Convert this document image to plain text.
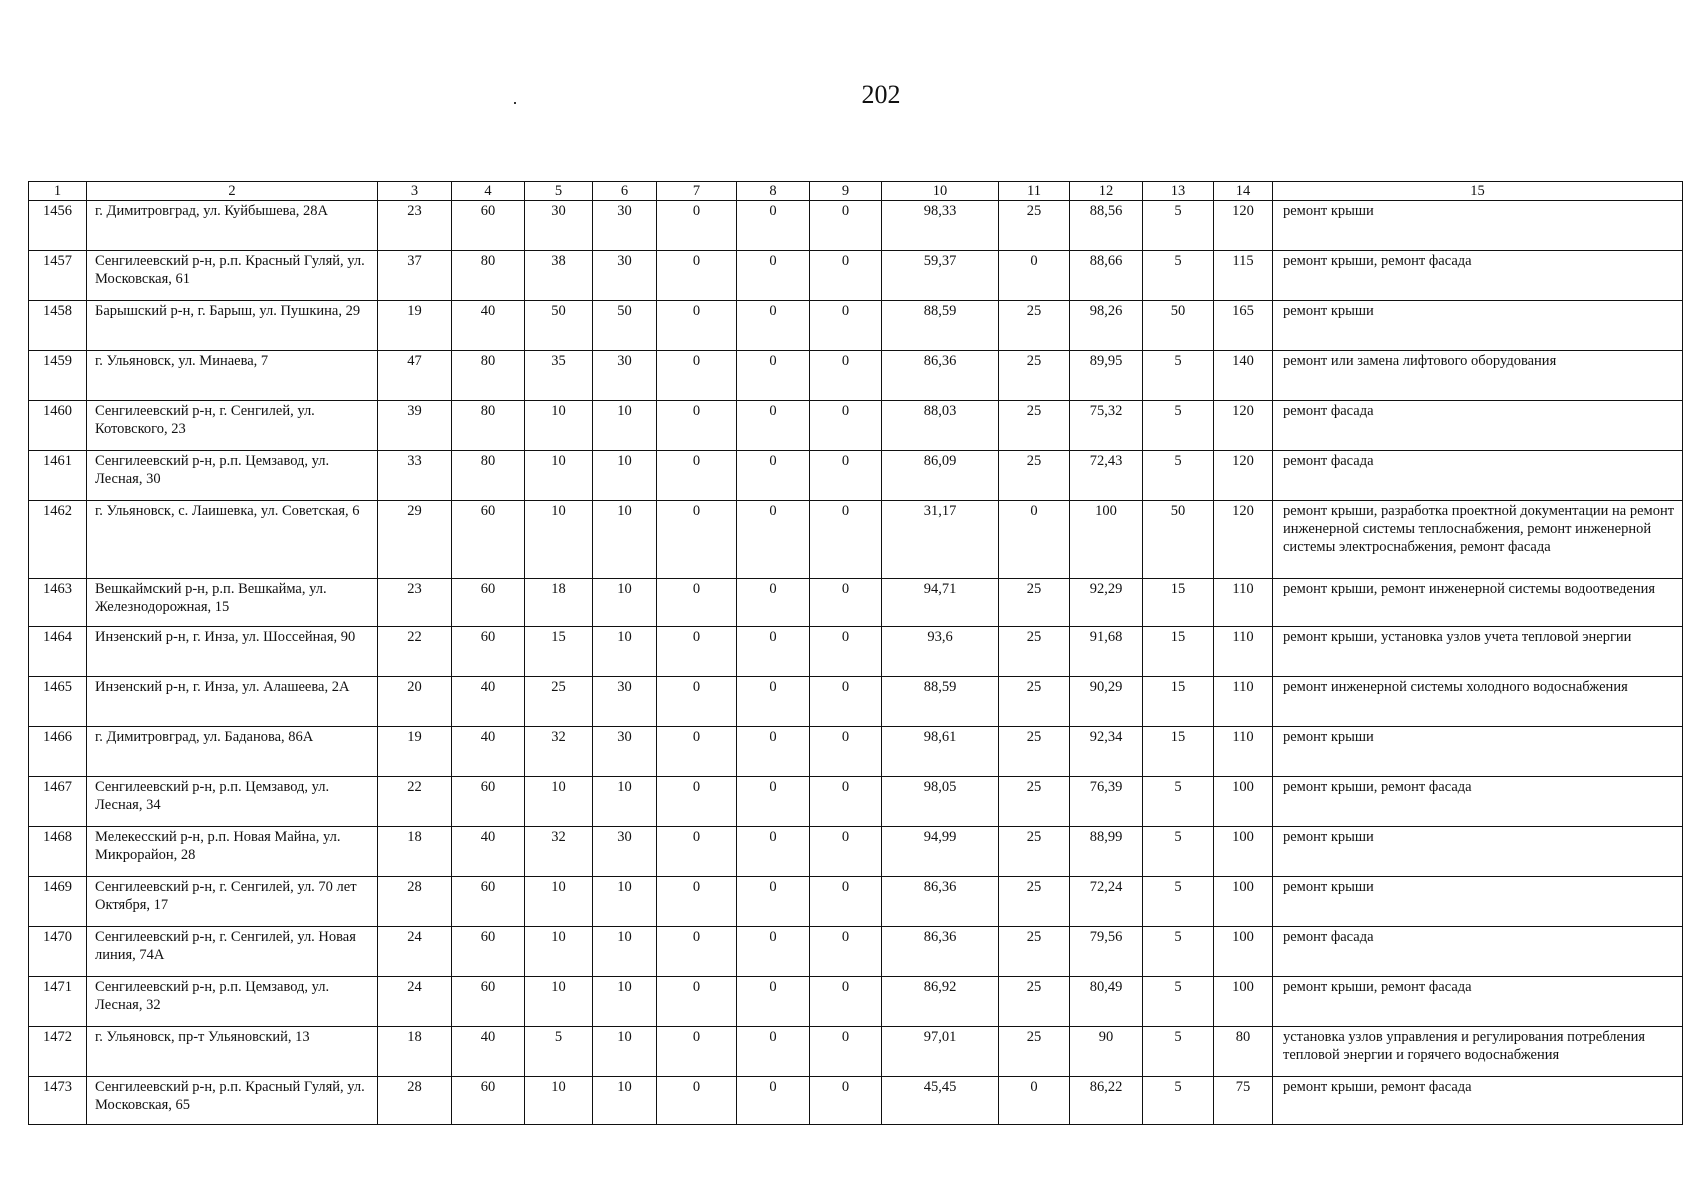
202
1	2	3	4	5	6	7	8	9	10	11	12	13	14	15
1456	г. Димитровград, ул. Куйбышева, 28А	23	60	30	30	0	0	0	98,33	25	88,56	5	120	ремонт крыши
1457	Сенгилеевский р-н, р.п. Красный Гуляй, ул. Московская, 61	37	80	38	30	0	0	0	59,37	0	88,66	5	115	ремонт крыши, ремонт фасада
1458	Барышский р-н, г. Барыш, ул. Пушкина, 29	19	40	50	50	0	0	0	88,59	25	98,26	50	165	ремонт крыши
1459	г. Ульяновск, ул. Минаева, 7	47	80	35	30	0	0	0	86,36	25	89,95	5	140	ремонт или замена лифтового оборудования
1460	Сенгилеевский р-н, г. Сенгилей, ул. Котовского, 23	39	80	10	10	0	0	0	88,03	25	75,32	5	120	ремонт фасада
1461	Сенгилеевский р-н, р.п. Цемзавод, ул. Лесная, 30	33	80	10	10	0	0	0	86,09	25	72,43	5	120	ремонт фасада
1462	г. Ульяновск, с. Лаишевка, ул. Советская, 6	29	60	10	10	0	0	0	31,17	0	100	50	120	ремонт крыши, разработка проектной документации на ремонт инженерной системы теплоснабжения, ремонт инженерной системы электроснабжения, ремонт фасада
1463	Вешкаймский р-н, р.п. Вешкайма, ул. Железнодорожная, 15	23	60	18	10	0	0	0	94,71	25	92,29	15	110	ремонт крыши, ремонт инженерной системы водоотведения
1464	Инзенский р-н, г. Инза, ул. Шоссейная, 90	22	60	15	10	0	0	0	93,6	25	91,68	15	110	ремонт крыши, установка узлов учета тепловой энергии
1465	Инзенский р-н, г. Инза, ул. Алашеева, 2А	20	40	25	30	0	0	0	88,59	25	90,29	15	110	ремонт инженерной системы холодного водоснабжения
1466	г. Димитровград, ул. Баданова, 86А	19	40	32	30	0	0	0	98,61	25	92,34	15	110	ремонт крыши
1467	Сенгилеевский р-н, р.п. Цемзавод, ул. Лесная, 34	22	60	10	10	0	0	0	98,05	25	76,39	5	100	ремонт крыши, ремонт фасада
1468	Мелекесский р-н, р.п. Новая Майна, ул. Микрорайон, 28	18	40	32	30	0	0	0	94,99	25	88,99	5	100	ремонт крыши
1469	Сенгилеевский р-н, г. Сенгилей, ул. 70 лет Октября, 17	28	60	10	10	0	0	0	86,36	25	72,24	5	100	ремонт крыши
1470	Сенгилеевский р-н, г. Сенгилей, ул. Новая линия, 74А	24	60	10	10	0	0	0	86,36	25	79,56	5	100	ремонт фасада
1471	Сенгилеевский р-н, р.п. Цемзавод, ул. Лесная, 32	24	60	10	10	0	0	0	86,92	25	80,49	5	100	ремонт крыши, ремонт фасада
1472	г. Ульяновск, пр-т Ульяновский, 13	18	40	5	10	0	0	0	97,01	25	90	5	80	установка узлов управления и регулирования потребления тепловой энергии и горячего водоснабжения
1473	Сенгилеевский р-н, р.п. Красный Гуляй, ул. Московская, 65	28	60	10	10	0	0	0	45,45	0	86,22	5	75	ремонт крыши, ремонт фасада
